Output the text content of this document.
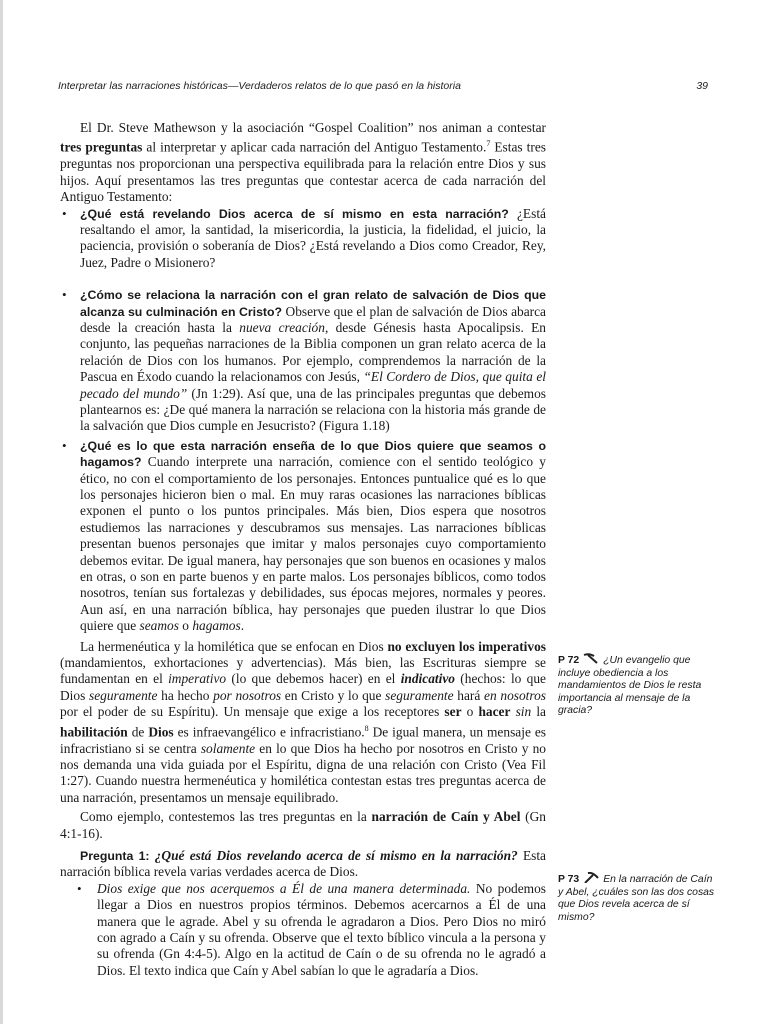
Interpretar las narraciones históricas—Verdaderos relatos de lo que pasó en la historia	39

El Dr. Steve Mathewson y la asociación “Gospel Coalition” nos animan a contestar tres preguntas al interpretar y aplicar cada narración del Antiguo Testamento.$^7$ Estas tres preguntas nos proporcionan una perspectiva equilibrada para la relación entre Dios y sus hijos. Aquí presentamos las tres preguntas que contestar acerca de cada narración del Antiguo Testamento:

• ¿Qué está revelando Dios acerca de sí mismo en esta narración? ¿Está resaltando el amor, la santidad, la misericordia, la justicia, la fidelidad, el juicio, la paciencia, provisión o soberanía de Dios? ¿Está revelando a Dios como Creador, Rey, Juez, Padre o Misionero?
• ¿Cómo se relaciona la narración con el gran relato de salvación de Dios que alcanza su culminación en Cristo? Observe que el plan de salvación de Dios abarca desde la creación hasta la nueva creación, desde Génesis hasta Apocalipsis. En conjunto, las pequeñas narraciones de la Biblia componen un gran relato acerca de la relación de Dios con los humanos. Por ejemplo, comprendemos la narración de la Pascua en Éxodo cuando la relacionamos con Jesús, “El Cordero de Dios, que quita el pecado del mundo” (Jn 1:29). Así que, una de las principales preguntas que debemos plantearnos es: ¿De qué manera la narración se relaciona con la historia más grande de la salvación que Dios cumple en Jesucristo? (Figura 1.18)
• ¿Qué es lo que esta narración enseña de lo que Dios quiere que seamos o hagamos? Cuando interprete una narración, comience con el sentido teológico y ético, no con el comportamiento de los personajes. Entonces puntualice qué es lo que los personajes hicieron bien o mal. En muy raras ocasiones las narraciones bíblicas exponen el punto o los puntos principales. Más bien, Dios espera que nosotros estudiemos las narraciones y descubramos sus mensajes. Las narraciones bíblicas presentan buenos personajes que imitar y malos personajes cuyo comportamiento debemos evitar. De igual manera, hay personajes que son buenos en ocasiones y malos en otras, o son en parte buenos y en parte malos. Los personajes bíblicos, como todos nosotros, tenían sus fortalezas y debilidades, sus épocas mejores, normales y peores. Aun así, en una narración bíblica, hay personajes que pueden ilustrar lo que Dios quiere que seamos o hagamos.

La hermenéutica y la homilética que se enfocan en Dios no excluyen los imperativos (mandamientos, exhortaciones y advertencias). Más bien, las Escrituras siempre se fundamentan en el imperativo (lo que debemos hacer) en el indicativo (hechos: lo que Dios seguramente ha hecho por nosotros en Cristo y lo que seguramente hará en nosotros por el poder de su Espíritu). Un mensaje que exige a los receptores ser o hacer sin la habilitación de Dios es infraevangélico e infracristiano.$^8$ De igual manera, un mensaje es infracristiano si se centra solamente en lo que Dios ha hecho por nosotros en Cristo y no nos demanda una vida guiada por el Espíritu, digna de una relación con Cristo (Vea Fil 1:27). Cuando nuestra hermenéutica y homilética contestan estas tres preguntas acerca de una narración, presentamos un mensaje equilibrado.

Como ejemplo, contestemos las tres preguntas en la narración de Caín y Abel (Gn 4:1-16).

Pregunta 1: ¿Qué está Dios revelando acerca de sí mismo en la narración? Esta narración bíblica revela varias verdades acerca de Dios.
• Dios exige que nos acerquemos a Él de una manera determinada. No podemos llegar a Dios en nuestros propios términos. Debemos acercarnos a Él de una manera que le agrade. Abel y su ofrenda le agradaron a Dios. Pero Dios no miró con agrado a Caín y su ofrenda. Observe que el texto bíblico vincula a la persona y su ofrenda (Gn 4:4-5). Algo en la actitud de Caín o de su ofrenda no le agradó a Dios. El texto indica que Caín y Abel sabían lo que le agradaría a Dios.
P 72 ¿Un evangelio que incluye obediencia a los mandamientos de Dios le resta importancia al mensaje de la gracia?
P 73 En la narración de Caín y Abel, ¿cuáles son las dos cosas que Dios revela acerca de sí mismo?
